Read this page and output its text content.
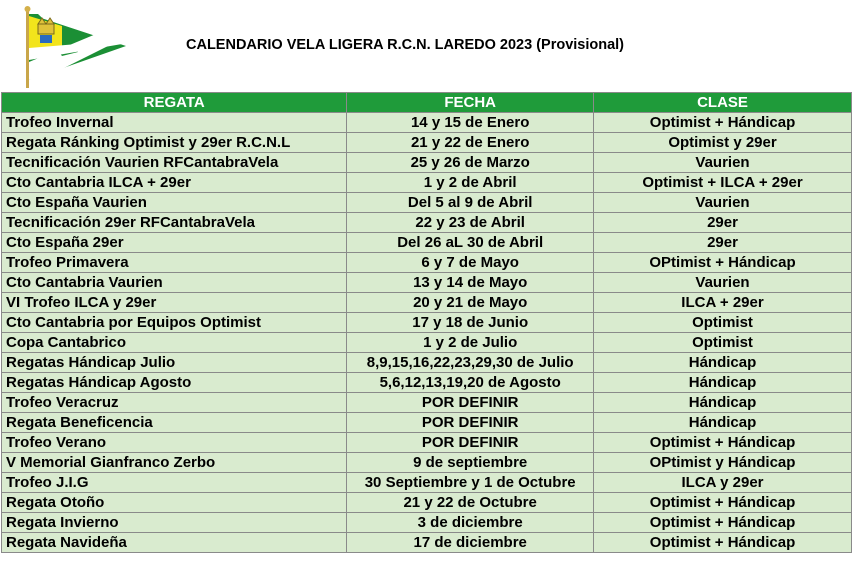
CALENDARIO VELA LIGERA R.C.N. LAREDO 2023 (Provisional)
REGATA	FECHA	CLASE
Trofeo Invernal	14 y 15 de Enero	Optimist + Hándicap
Regata Ránking Optimist y 29er R.C.N.L	21 y 22 de Enero	Optimist y 29er
Tecnificación Vaurien RFCantabraVela	25 y 26 de Marzo	Vaurien
Cto Cantabria ILCA + 29er	1 y 2 de Abril	Optimist + ILCA + 29er
Cto España Vaurien	Del 5 al 9 de Abril	Vaurien
Tecnificación 29er RFCantabraVela	22 y 23 de Abril	29er
Cto España 29er	Del 26 aL 30 de Abril	29er
Trofeo Primavera	6 y 7 de Mayo	OPtimist + Hándicap
Cto Cantabria Vaurien	13 y 14 de Mayo	Vaurien
VI Trofeo ILCA y 29er	20 y 21 de Mayo	ILCA + 29er
Cto Cantabria por Equipos Optimist	17 y 18 de Junio	Optimist
Copa Cantabrico	1 y 2 de Julio	Optimist
Regatas Hándicap Julio	8,9,15,16,22,23,29,30 de Julio	Hándicap
Regatas Hándicap Agosto	5,6,12,13,19,20 de Agosto	Hándicap
Trofeo Veracruz	POR DEFINIR	Hándicap
Regata Beneficencia	POR DEFINIR	Hándicap
Trofeo Verano	POR DEFINIR	Optimist + Hándicap
V Memorial Gianfranco Zerbo	9 de septiembre	OPtimist y Hándicap
Trofeo J.I.G	30 Septiembre y 1 de Octubre	ILCA y 29er
Regata Otoño	21 y 22 de Octubre	Optimist + Hándicap
Regata Invierno	3 de diciembre	Optimist + Hándicap
Regata Navideña	17 de diciembre	Optimist + Hándicap
